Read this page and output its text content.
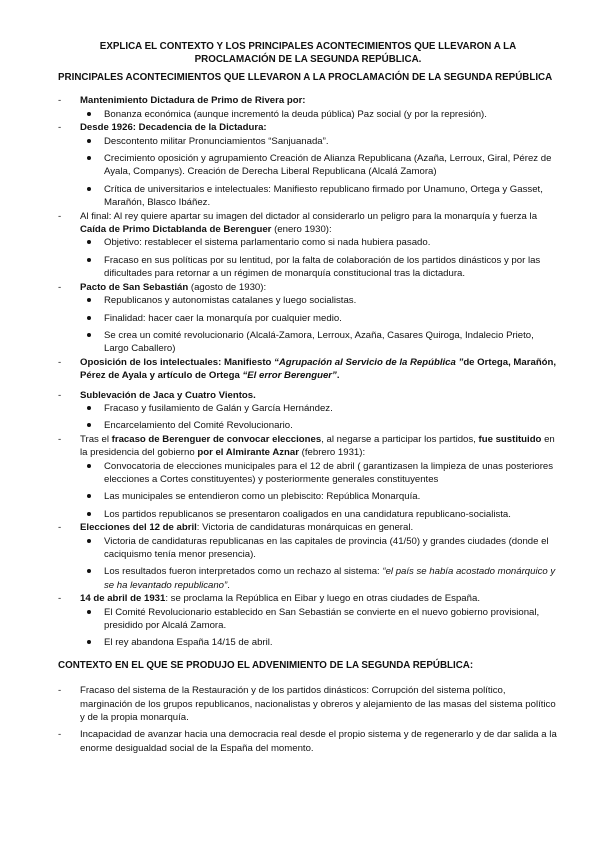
EXPLICA EL CONTEXTO Y LOS PRINCIPALES ACONTECIMIENTOS QUE LLEVARON A LA PROCLAMACIÓN DE LA SEGUNDA REPÚBLICA.
PRINCIPALES ACONTECIMIENTOS QUE LLEVARON A LA PROCLAMACIÓN DE LA SEGUNDA REPÚBLICA
- Mantenimiento Dictadura de Primo de Rivera por:
Bonanza económica (aunque incrementó la deuda pública) Paz social (y por la represión).
- Desde 1926: Decadencia de la Dictadura:
Descontento militar Pronunciamientos “Sanjuanada”.
Crecimiento oposición y agrupamiento Creación de Alianza Republicana (Azaña, Lerroux, Giral, Pérez de Ayala, Companys). Creación de Derecha Liberal Republicana (Alcalá Zamora)
Crítica de universitarios e intelectuales: Manifiesto republicano firmado por Unamuno, Ortega y Gasset, Marañón, Blasco Ibáñez.
- Al final: Al rey quiere apartar su imagen del dictador al considerarlo un peligro para la monarquía y fuerza la Caída de Primo Dictablanda de Berenguer (enero 1930):
Objetivo: restablecer el sistema parlamentario como si nada hubiera pasado.
Fracaso en sus políticas por su lentitud, por la falta de colaboración de los partidos dinásticos y por las dificultades para retornar a un régimen de monarquía constitucional tras la dictadura.
- Pacto de San Sebastián (agosto de 1930):
Republicanos y autonomistas catalanes y luego socialistas.
Finalidad: hacer caer la monarquía por cualquier medio.
Se crea un comité revolucionario (Alcalá-Zamora, Lerroux, Azaña, Casares Quiroga, Indalecio Prieto, Largo Caballero)
- Oposición de los intelectuales: Manifiesto “Agrupación al Servicio de la República ”de Ortega, Marañón, Pérez de Ayala y artículo de Ortega “El error Berenguer”.
- Sublevación de Jaca y Cuatro Vientos.
Fracaso y fusilamiento de Galán y García Hernández.
Encarcelamiento del Comité Revolucionario.
- Tras el fracaso de Berenguer de convocar elecciones, al negarse a participar los partidos, fue sustituido en la presidencia del gobierno por el Almirante Aznar (febrero 1931):
Convocatoria de elecciones municipales para el 12 de abril ( garantizasen la limpieza de unas posteriores elecciones a Cortes constituyentes) y posteriormente generales constituyentes
Las municipales se entendieron como un plebiscito: República Monarquía.
Los partidos republicanos se presentaron coaligados en una candidatura republicano-socialista.
- Elecciones del 12 de abril: Victoria de candidaturas monárquicas en general.
Victoria de candidaturas republicanas en las capitales de provincia (41/50) y grandes ciudades (donde el caciquismo tenía menor presencia).
Los resultados fueron interpretados como un rechazo al sistema: “el país se había acostado monárquico y se ha levantado republicano”.
- 14 de abril de 1931: se proclama la República en Eibar y luego en otras ciudades de España.
El Comité Revolucionario establecido en San Sebastián se convierte en el nuevo gobierno provisional, presidido por Alcalá Zamora.
El rey abandona España 14/15 de abril.
CONTEXTO EN EL QUE SE PRODUJO EL ADVENIMIENTO DE LA SEGUNDA REPÚBLICA:
- Fracaso del sistema de la Restauración y de los partidos dinásticos: Corrupción del sistema político, marginación de los grupos republicanos, nacionalistas y obreros y alejamiento de las masas del sistema político y de la propia monarquía.
- Incapacidad de avanzar hacia una democracia real desde el propio sistema y de regenerarlo y de dar salida a la enorme desigualdad social de la España del momento.
